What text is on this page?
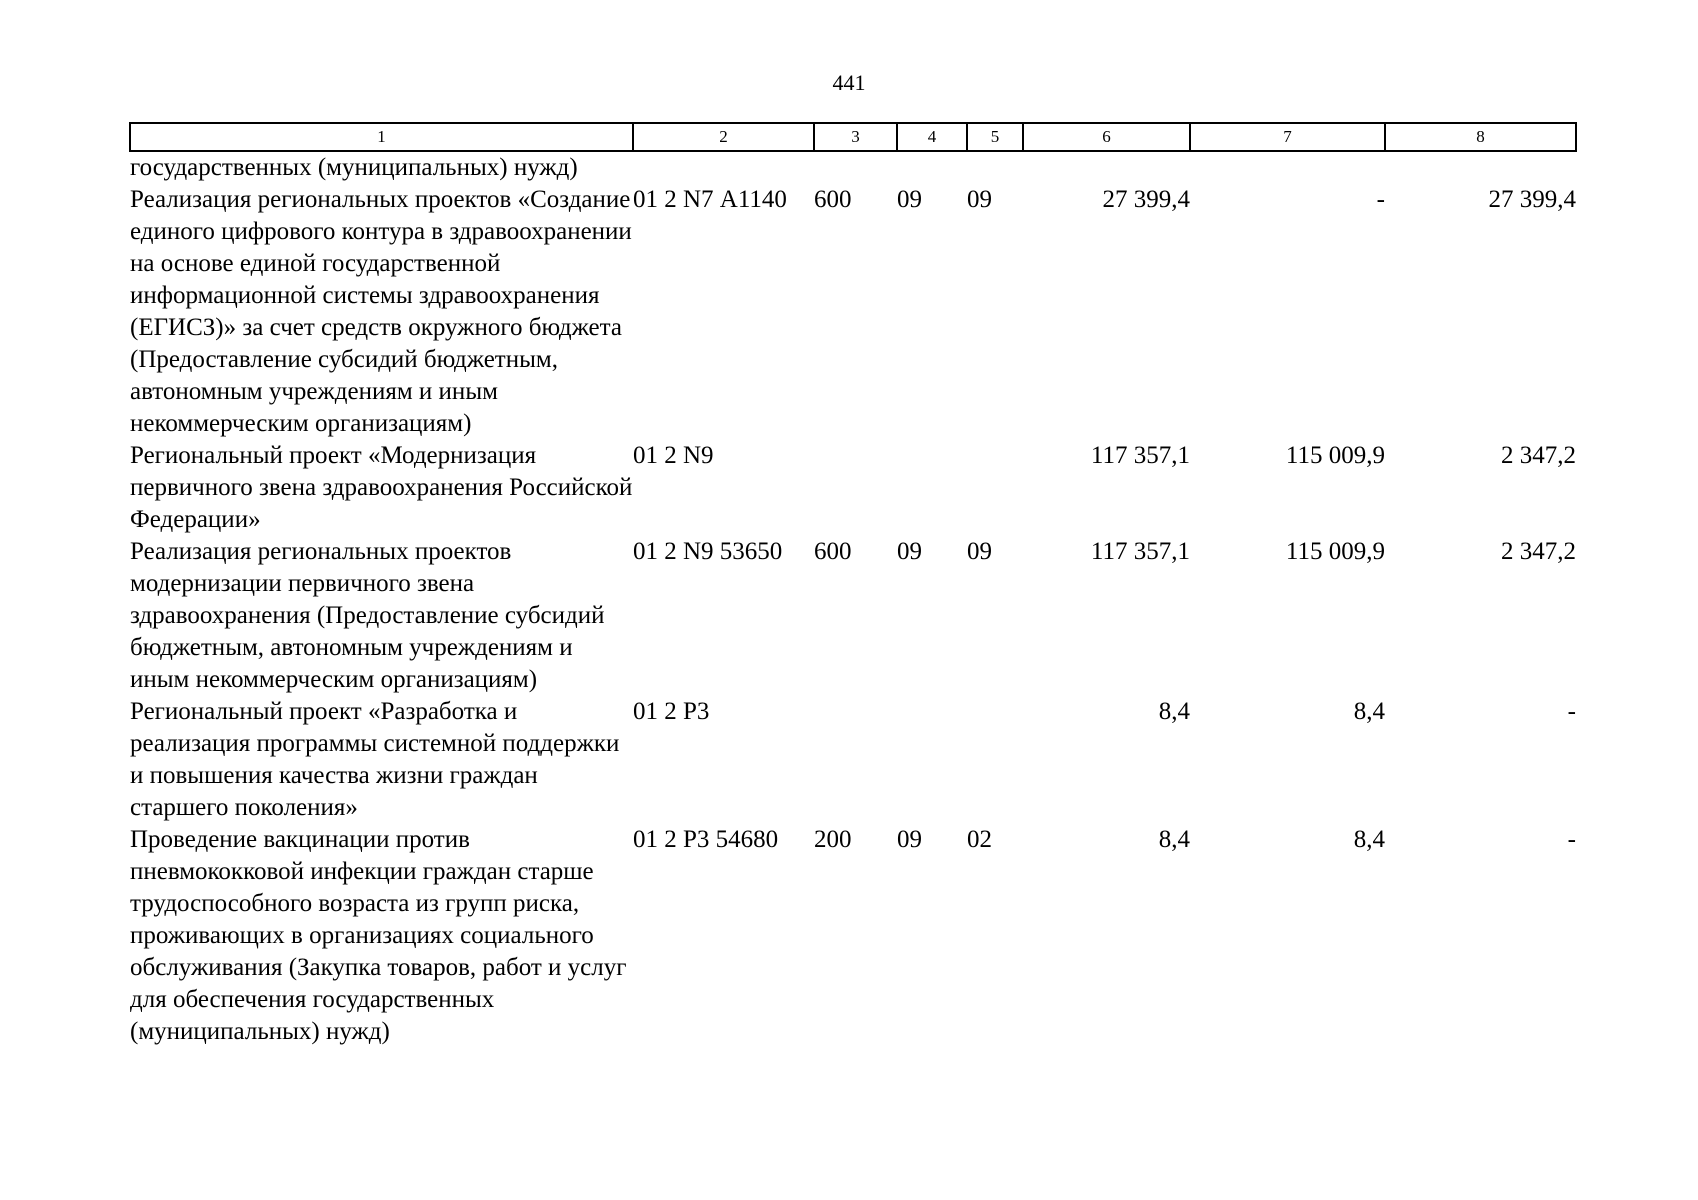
441
1	2	3	4	5	6	7	8
государственных (муниципальных) нужд)							
Реализация региональных проектов «Создание единого цифрового контура в здравоохранении на основе единой государственной информационной системы здравоохранения (ЕГИСЗ)» за счет средств окружного бюджета (Предоставление субсидий бюджетным, автономным учреждениям и иным некоммерческим организациям)	01 2 N7 А1140	600	09	09	27 399,4	-	27 399,4
Региональный проект «Модернизация первичного звена здравоохранения Российской Федерации»	01 2 N9				117 357,1	115 009,9	2 347,2
Реализация региональных проектов модернизации первичного звена здравоохранения (Предоставление субсидий бюджетным, автономным учреждениям и иным некоммерческим организациям)	01 2 N9 53650	600	09	09	117 357,1	115 009,9	2 347,2
Региональный проект «Разработка и реализация программы системной поддержки и повышения качества жизни граждан старшего поколения»	01 2 P3				8,4	8,4	-
Проведение вакцинации против пневмококковой инфекции граждан старше трудоспособного возраста из групп риска, проживающих в организациях социального обслуживания (Закупка товаров, работ и услуг для обеспечения государственных (муниципальных) нужд)	01 2 P3 54680	200	09	02	8,4	8,4	-
